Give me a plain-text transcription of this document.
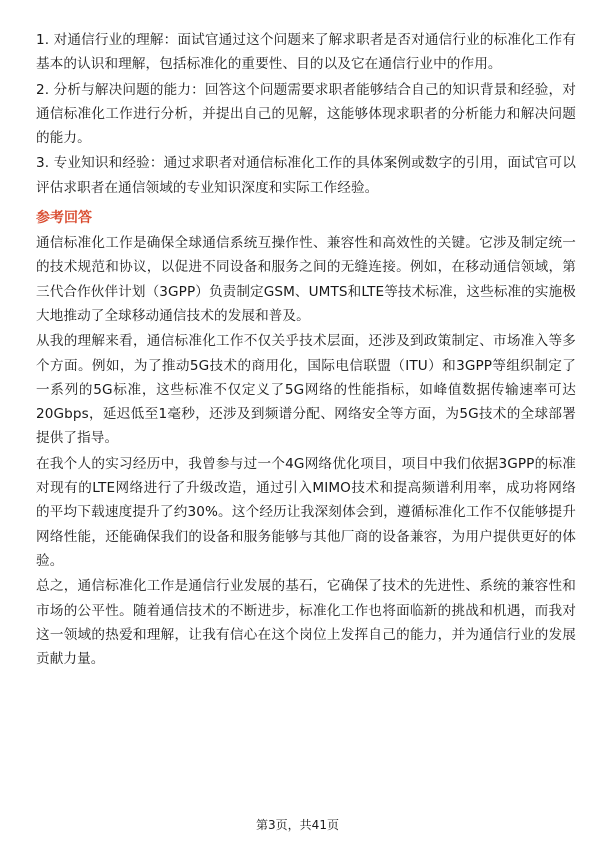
1. 对通信行业的理解：面试官通过这个问题来了解求职者是否对通信行业的标准化工作有基本的认识和理解，包括标准化的重要性、目的以及它在通信行业中的作用。

2. 分析与解决问题的能力：回答这个问题需要求职者能够结合自己的知识背景和经验，对通信标准化工作进行分析，并提出自己的见解，这能够体现求职者的分析能力和解决问题的能力。

3. 专业知识和经验：通过求职者对通信标准化工作的具体案例或数字的引用，面试官可以评估求职者在通信领域的专业知识深度和实际工作经验。

参考回答

通信标准化工作是确保全球通信系统互操作性、兼容性和高效性的关键。它涉及制定统一的技术规范和协议，以促进不同设备和服务之间的无缝连接。例如，在移动通信领域，第三代合作伙伴计划（3GPP）负责制定GSM、UMTS和LTE等技术标准，这些标准的实施极大地推动了全球移动通信技术的发展和普及。

从我的理解来看，通信标准化工作不仅关乎技术层面，还涉及到政策制定、市场准入等多个方面。例如，为了推动5G技术的商用化，国际电信联盟（ITU）和3GPP等组织制定了一系列的5G标准，这些标准不仅定义了5G网络的性能指标，如峰值数据传输速率可达20Gbps，延迟低至1毫秒，还涉及到频谱分配、网络安全等方面，为5G技术的全球部署提供了指导。

在我个人的实习经历中，我曾参与过一个4G网络优化项目，项目中我们依据3GPP的标准对现有的LTE网络进行了升级改造，通过引入MIMO技术和提高频谱利用率，成功将网络的平均下载速度提升了约30%。这个经历让我深刻体会到，遵循标准化工作不仅能够提升网络性能，还能确保我们的设备和服务能够与其他厂商的设备兼容，为用户提供更好的体验。

总之，通信标准化工作是通信行业发展的基石，它确保了技术的先进性、系统的兼容性和市场的公平性。随着通信技术的不断进步，标准化工作也将面临新的挑战和机遇，而我对这一领域的热爱和理解，让我有信心在这个岗位上发挥自己的能力，并为通信行业的发展贡献力量。

第3页，共41页
